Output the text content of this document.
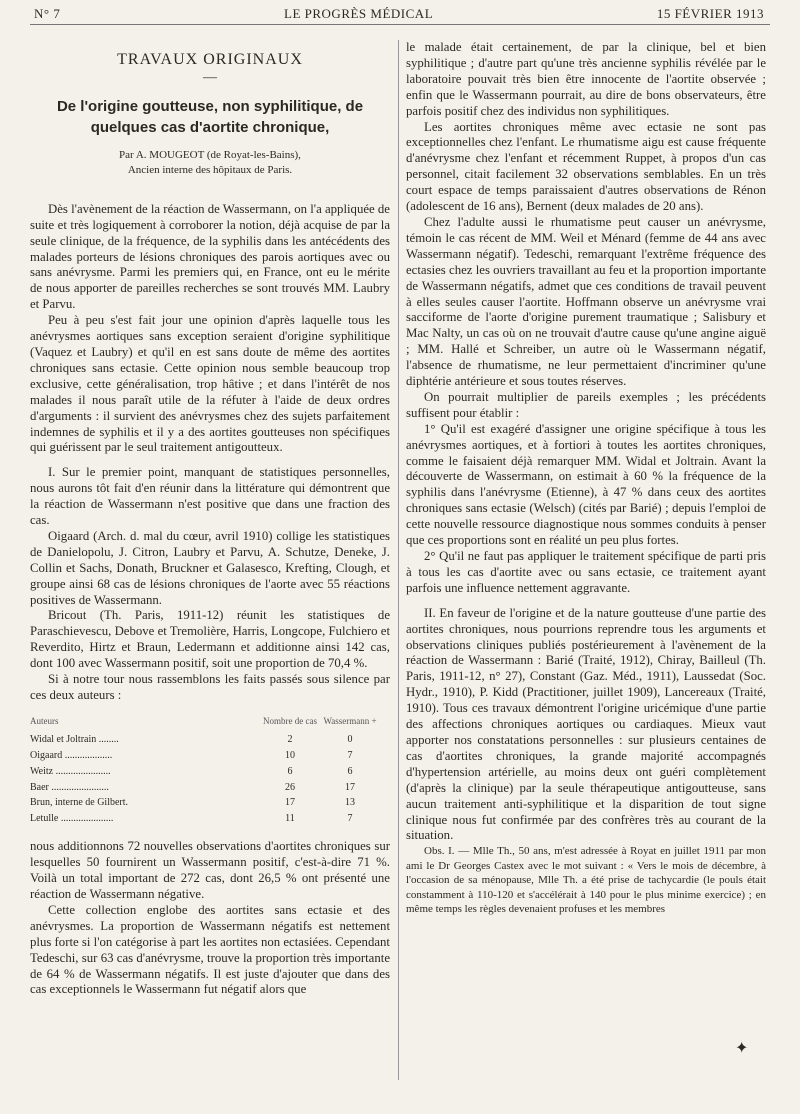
N° 7	LE PROGRÈS MÉDICAL	15 FÉVRIER 1913
TRAVAUX ORIGINAUX
—
De l'origine goutteuse, non syphilitique, de quelques cas d'aortite chronique,
Par A. MOUGEOT (de Royat-les-Bains),
Ancien interne des hôpitaux de Paris.

Dès l'avènement de la réaction de Wassermann, on l'a appliquée de suite et très logiquement à corroborer la notion, déjà acquise de par la seule clinique, de la fréquence, de la syphilis dans les antécédents des malades porteurs de lésions chroniques des parois aortiques avec ou sans anévrysme. Parmi les premiers qui, en France, ont eu le mérite de nous apporter de pareilles recherches se sont trouvés MM. Laubry et Parvu.

Peu à peu s'est fait jour une opinion d'après laquelle tous les anévrysmes aortiques sans exception seraient d'origine syphilitique (Vaquez et Laubry) et qu'il en est sans doute de même des aortites chroniques sans ectasie. Cette opinion nous semble beaucoup trop exclusive, cette généralisation, trop hâtive ; et dans l'intérêt de nos malades il nous paraît utile de la réfuter à l'aide de deux ordres d'arguments : il survient des anévrysmes chez des sujets parfaitement indemnes de syphilis et il y a des aortites goutteuses non spécifiques qui guérissent par le seul traitement antigoutteux.

I. Sur le premier point, manquant de statistiques personnelles, nous aurons tôt fait d'en réunir dans la littérature qui démontrent que la réaction de Wassermann n'est positive que dans une fraction des cas.

Oigaard (Arch. d. mal du cœur, avril 1910) collige les statistiques de Danielopolu, J. Citron, Laubry et Parvu, A. Schutze, Deneke, J. Collin et Sachs, Donath, Bruckner et Galasesco, Krefting, Clough, et groupe ainsi 68 cas de lésions chroniques de l'aorte avec 55 réactions positives de Wassermann.

Bricout (Th. Paris, 1911-12) réunit les statistiques de Paraschievescu, Debove et Tremolière, Harris, Longcope, Fulchiero et Reverdito, Hirtz et Braun, Ledermann et additionne ainsi 142 cas, dont 100 avec Wassermann positif, soit une proportion de 70,4 %.

Si à notre tour nous rassemblons les faits passés sous silence par ces deux auteurs :

Auteurs	Nombre de cas Wassermann +
Widal et Joltrain ........	2	0
Oigaard ...................	10	7
Weitz ......................	6	6
Baer .......................	26	17
Brun, interne de Gilbert.	17	13
Letulle .....................	11	7

nous additionnons 72 nouvelles observations d'aortites chroniques sur lesquelles 50 fournirent un Wassermann positif, c'est-à-dire 71 %. Voilà un total important de 272 cas, dont 26,5 % ont présenté une réaction de Wassermann négative.

Cette collection englobe des aortites sans ectasie et des anévrysmes. La proportion de Wassermann négatifs est nettement plus forte si l'on catégorise à part les aortites non ectasiées. Cependant Tedeschi, sur 63 cas d'anévrysme, trouve la proportion très importante de 64 % de Wassermann négatifs. Il est juste d'ajouter que dans des cas exceptionnels le Wassermann fut négatif alors que

le malade était certainement, de par la clinique, bel et bien syphilitique ; d'autre part qu'une très ancienne syphilis révélée par le laboratoire pouvait très bien être innocente de l'aortite observée ; enfin que le Wassermann pourrait, au dire de bons observateurs, être parfois positif chez des individus non syphilitiques.

Les aortites chroniques même avec ectasie ne sont pas exceptionnelles chez l'enfant. Le rhumatisme aigu est cause fréquente d'anévrysme chez l'enfant et récemment Ruppet, à propos d'un cas personnel, citait facilement 32 observations semblables. En un très court espace de temps paraissaient d'autres observations de Rénon (adolescent de 16 ans), Bernent (deux malades de 20 ans).

Chez l'adulte aussi le rhumatisme peut causer un anévrysme, témoin le cas récent de MM. Weil et Ménard (femme de 44 ans avec Wassermann négatif). Tedeschi, remarquant l'extrême fréquence des ectasies chez les ouvriers travaillant au feu et la proportion importante de Wassermann négatifs, admet que ces conditions de travail peuvent à elles seules causer l'aortite. Hoffmann observe un anévrysme vrai sacciforme de l'aorte d'origine purement traumatique ; Salisbury et Mac Nalty, un cas où on ne trouvait d'autre cause qu'une angine aiguë ; MM. Hallé et Schreiber, un autre où le Wassermann négatif, l'absence de rhumatisme, ne leur permettaient d'incriminer qu'une diphtérie antérieure et sous toutes réserves.

On pourrait multiplier de pareils exemples ; les précédents suffisent pour établir :

1° Qu'il est exagéré d'assigner une origine spécifique à tous les anévrysmes aortiques, et à fortiori à toutes les aortites chroniques, comme le faisaient déjà remarquer MM. Widal et Joltrain. Avant la découverte de Wassermann, on estimait à 60 % la fréquence de la syphilis dans l'anévrysme (Etienne), à 47 % dans ceux des aortites chroniques sans ectasie (Welsch) (cités par Barié) ; depuis l'emploi de cette nouvelle ressource diagnostique nous sommes conduits à penser que ces proportions sont en réalité un peu plus fortes.

2° Qu'il ne faut pas appliquer le traitement spécifique de parti pris à tous les cas d'aortite avec ou sans ectasie, ce traitement ayant parfois une influence nettement aggravante.

II. En faveur de l'origine et de la nature goutteuse d'une partie des aortites chroniques, nous pourrions reprendre tous les arguments et observations cliniques publiés postérieurement à l'avènement de la réaction de Wassermann : Barié (Traité, 1912), Chiray, Bailleul (Th. Paris, 1911-12, n° 27), Constant (Gaz. Méd., 1911), Laussedat (Soc. Hydr., 1910), P. Kidd (Practitioner, juillet 1909), Lancereaux (Traité, 1910). Tous ces travaux démontrent l'origine uricémique d'une partie des affections chroniques aortiques ou cardiaques. Mieux vaut apporter nos constatations personnelles : sur plusieurs centaines de cas d'aortites chroniques, la grande majorité accompagnés d'hypertension artérielle, au moins deux ont guéri complètement (d'après la clinique) par la seule thérapeutique antigoutteuse, sans aucun traitement anti-syphilitique et la disparition de tout signe clinique nous fut confirmée par des confrères très au courant de la situation.

Obs. I. — Mlle Th., 50 ans, m'est adressée à Royat en juillet 1911 par mon ami le Dr Georges Castex avec le mot suivant : « Vers le mois de décembre, à l'occasion de sa ménopause, Mlle Th. a été prise de tachycardie (le pouls était constamment à 110-120 et s'accélérait à 140 pour le plus minime exercice) ; en même temps les règles devenaient profuses et les membres

✦
